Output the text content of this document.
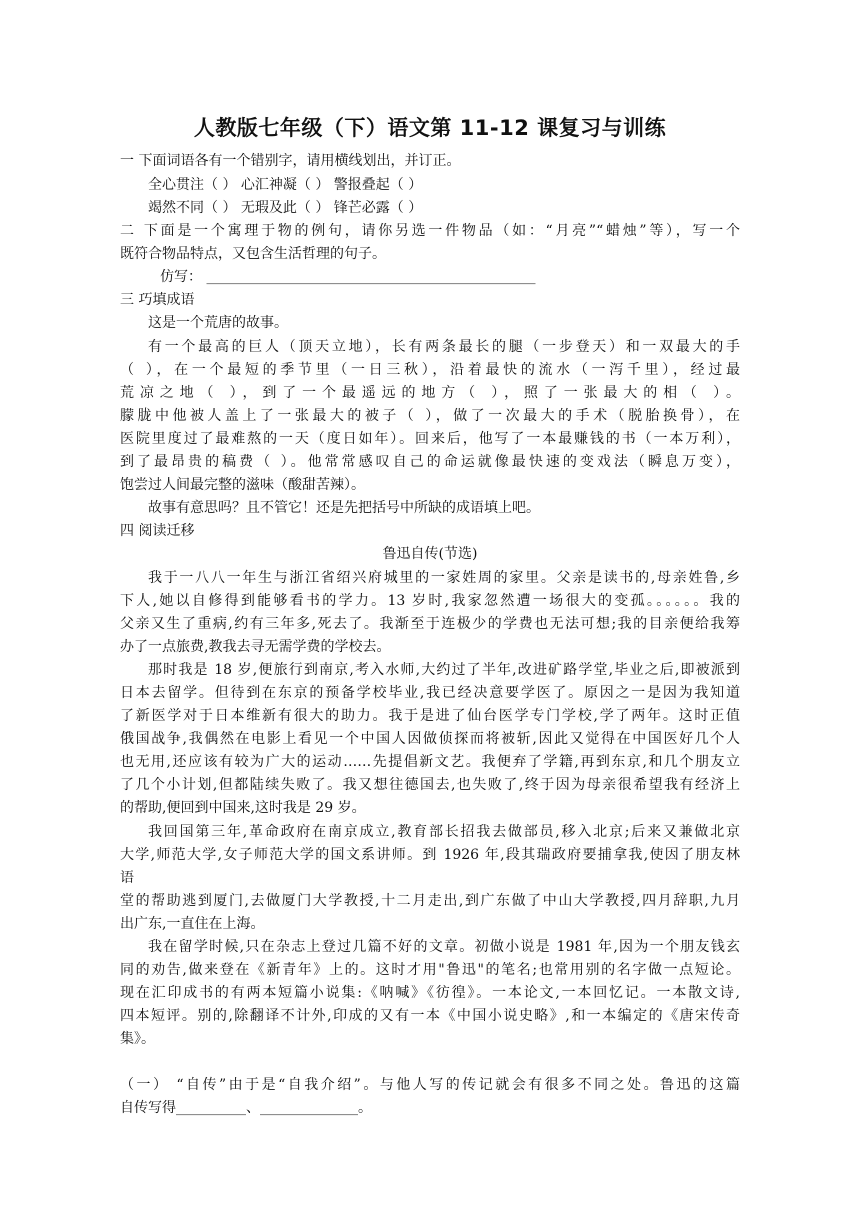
人教版七年级（下）语文第 11-12 课复习与训练
一 下面词语各有一个错别字，请用横线划出，并订正。
全心贯注（ ） 心汇神凝（ ） 警报叠起（ ）
竭然不同（ ） 无瑕及此（ ） 锋芒必露（ ）
二 下面是一个寓理于物的例句，请你另选一件物品（如：“月亮”“蜡烛”等），写一个
既符合物品特点，又包含生活哲理的句子。
仿写： _______________________________________________
三 巧填成语
这是一个荒唐的故事。
有一个最高的巨人（顶天立地），长有两条最长的腿（一步登天）和一双最大的手
（ ），在一个最短的季节里（一日三秋），沿着最快的流水（一泻千里），经过最
荒凉之地（ ），到了一个最遥远的地方（ ），照了一张最大的相（ ）。
朦胧中他被人盖上了一张最大的被子（ ），做了一次最大的手术（脱胎换骨），在
医院里度过了最难熬的一天（度日如年）。回来后，他写了一本最赚钱的书（一本万利），
到了最昂贵的稿费（ ）。他常常感叹自己的命运就像最快速的变戏法（瞬息万变），
饱尝过人间最完整的滋味（酸甜苦辣）。
故事有意思吗？且不管它！还是先把括号中所缺的成语填上吧。
四 阅读迁移
鲁迅自传(节选)
我于一八八一年生与浙江省绍兴府城里的一家姓周的家里。父亲是读书的,母亲姓鲁,乡
下人,她以自修得到能够看书的学力。13 岁时,我家忽然遭一场很大的变孤。。。。。。我的
父亲又生了重病,约有三年多,死去了。我渐至于连极少的学费也无法可想;我的目亲便给我筹
办了一点旅费,教我去寻无需学费的学校去。
那时我是 18 岁,便旅行到南京,考入水师,大约过了半年,改进矿路学堂,毕业之后,即被派到
日本去留学。但待到在东京的预备学校毕业,我已经决意要学医了。原因之一是因为我知道
了新医学对于日本维新有很大的助力。我于是进了仙台医学专门学校,学了两年。这时正值
俄国战争,我偶然在电影上看见一个中国人因做侦探而将被斩,因此又觉得在中国医好几个人
也无用,还应该有较为广大的运动……先提倡新文艺。我便弃了学籍,再到东京,和几个朋友立
了几个小计划,但都陆续失败了。我又想往德国去,也失败了,终于因为母亲很希望我有经济上
的帮助,便回到中国来,这时我是 29 岁。
我回国第三年,革命政府在南京成立,教育部长招我去做部员,移入北京;后来又兼做北京
大学,师范大学,女子师范大学的国文系讲师。到 1926 年,段其瑞政府要捕拿我,使因了朋友林
语
堂的帮助逃到厦门,去做厦门大学教授,十二月走出,到广东做了中山大学教授,四月辞职,九月
出广东,一直住在上海。
我在留学时候,只在杂志上登过几篇不好的文章。初做小说是 1981 年,因为一个朋友钱玄
同的劝告,做来登在《新青年》上的。这时才用"鲁迅"的笔名;也常用别的名字做一点短论。
现在汇印成书的有两本短篇小说集:《呐喊》《彷徨》。一本论文,一本回忆记。一本散文诗,
四本短评。别的,除翻译不计外,印成的又有一本《中国小说史略》,和一本编定的《唐宋传奇
集》。
（一） “自传”由于是“自我介绍”。与他人写的传记就会有很多不同之处。鲁迅的这篇
自传写得__________、______________。
